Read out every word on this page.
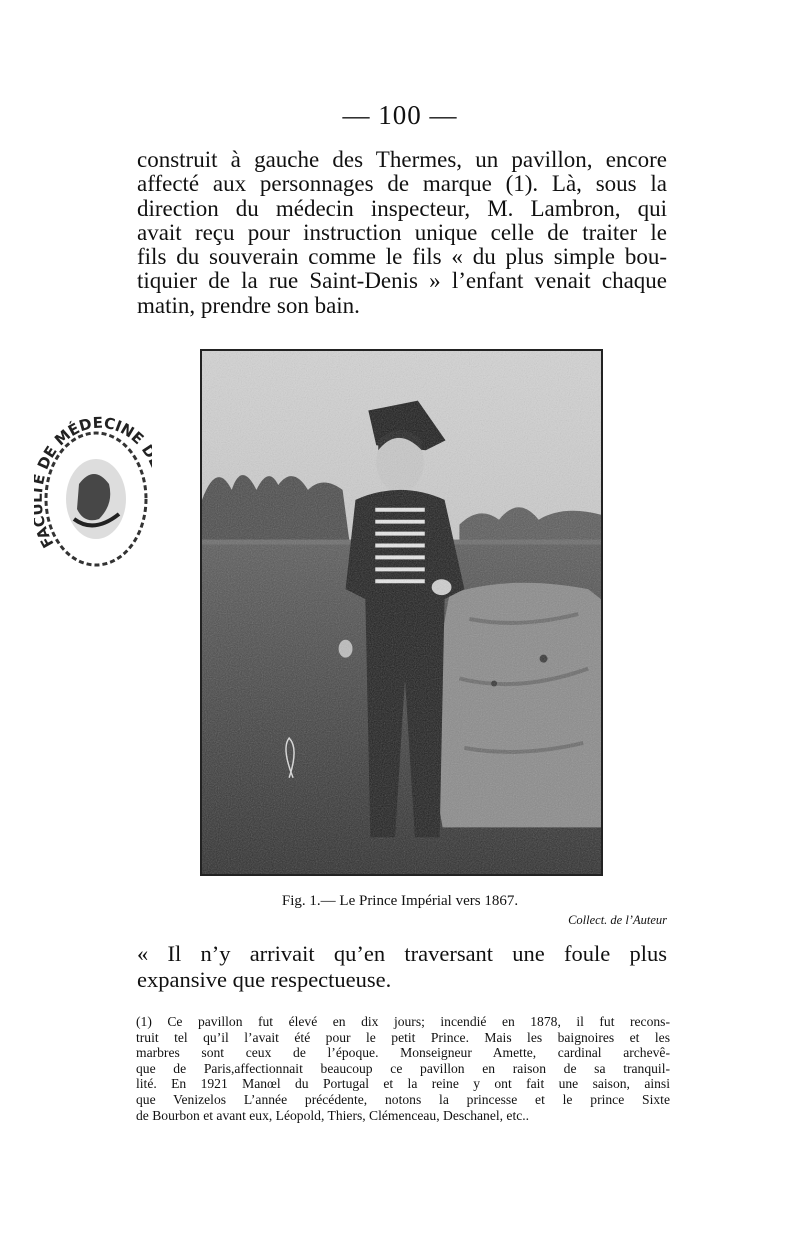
— 100 —
construit à gauche des Thermes, un pavillon, encore
affecté aux personnages de marque (1). Là, sous la
direction du médecin inspecteur, M. Lambron, qui
avait reçu pour instruction unique celle de traiter le
fils du souverain comme le fils « du plus simple bou-
tiquier de la rue Saint-Denis » l’enfant venait chaque
matin, prendre son bain.
FA DE MÉDECINE
Fig. 1.— Le Prince Impérial vers 1867.
Collect. de l’Auteur
« Il n’y arrivait qu’en traversant une foule plus
expansive que respectueuse.
(1) Ce pavillon fut élevé en dix jours; incendié en 1878, il fut recons-
truit tel qu’il l’avait été pour le petit Prince. Mais les baignoires et les
marbres sont ceux de l’époque. Monseigneur Amette, cardinal archevê-
que de Paris,affectionnait beaucoup ce pavillon en raison de sa tranquil-
lité. En 1921 Manœl du Portugal et la reine y ont fait une saison, ainsi
que Venizelos L’année précédente, notons la princesse et le prince Sixte
de Bourbon et avant eux, Léopold, Thiers, Clémenceau, Deschanel, etc..
